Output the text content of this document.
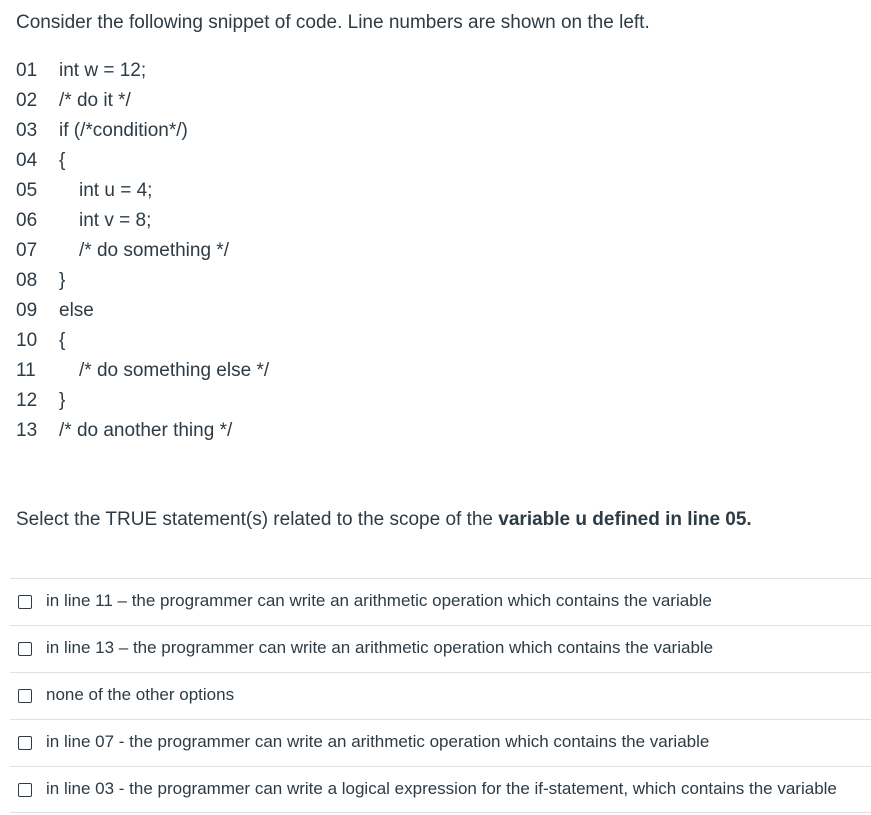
Consider the following snippet of code. Line numbers are shown on the left.

01	int w = 12;
02	/* do it */
03	if (/*condition*/)
04	{
05	int u = 4;
06	int v = 8;
07	/* do something */
08	}
09	else
10	{
11	/* do something else */
12	}
13	/* do another thing */
Select the TRUE statement(s) related to the scope of the variable u defined in line 05.
in line 11 – the programmer can write an arithmetic operation which contains the variable
in line 13 – the programmer can write an arithmetic operation which contains the variable
none of the other options
in line 07 - the programmer can write an arithmetic operation which contains the variable
in line 03 - the programmer can write a logical expression for the if-statement, which contains the variable
